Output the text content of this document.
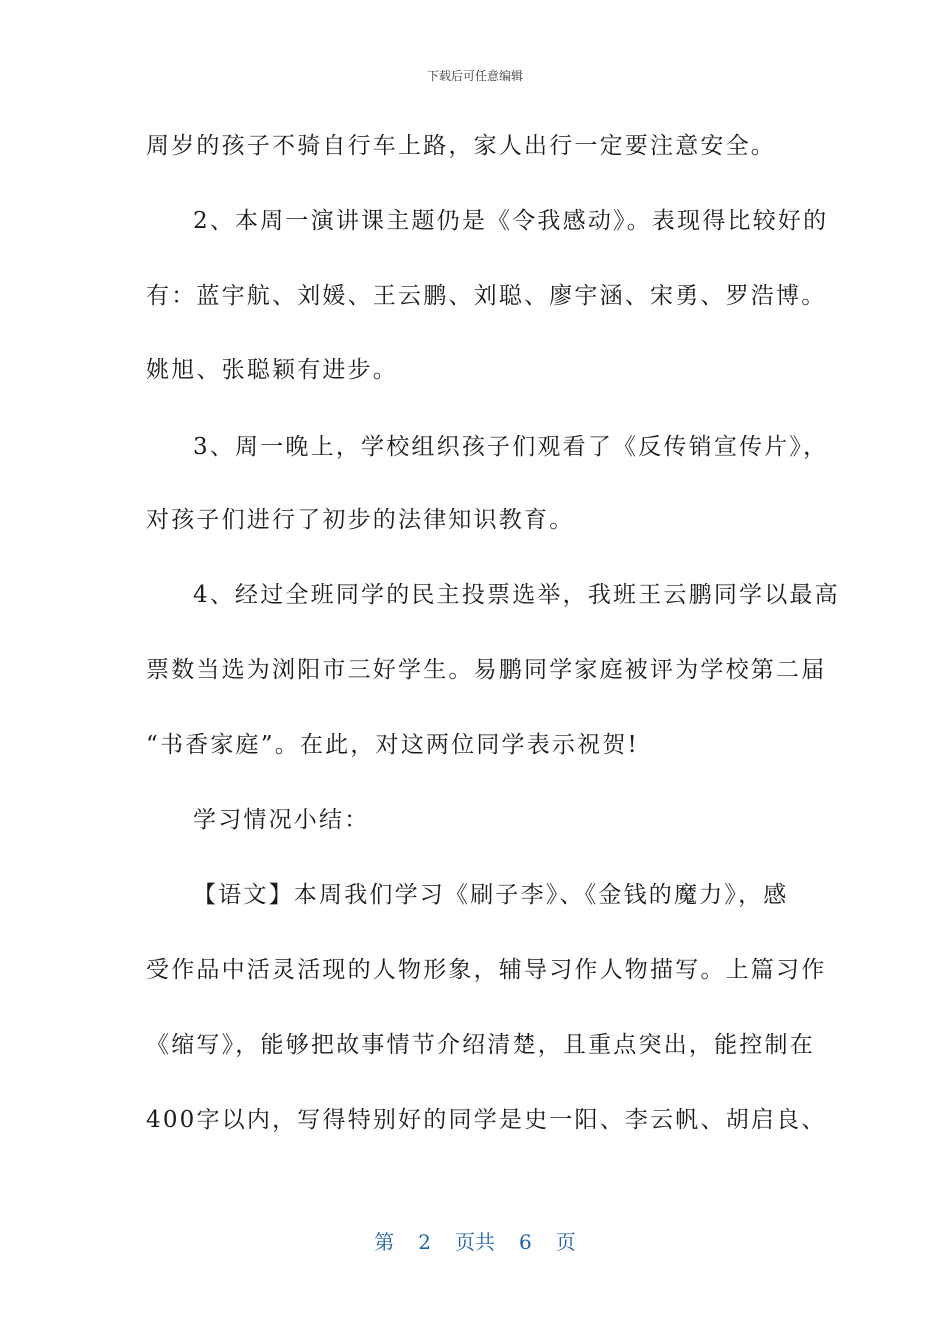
下载后可任意编辑
周岁的孩子不骑自行车上路，家人出行一定要注意安全。
2、本周一演讲课主题仍是《令我感动》。表现得比较好的
有：蓝宇航、刘媛、王云鹏、刘聪、廖宇涵、宋勇、罗浩博。
姚旭、张聪颖有进步。
3、周一晚上，学校组织孩子们观看了《反传销宣传片》，
对孩子们进行了初步的法律知识教育。
4、经过全班同学的民主投票选举，我班王云鹏同学以最高
票数当选为浏阳市三好学生。易鹏同学家庭被评为学校第二届
“书香家庭”。在此，对这两位同学表示祝贺!
学习情况小结：
【语文】本周我们学习《刷子李》、《金钱的魔力》，感
受作品中活灵活现的人物形象，辅导习作人物描写。上篇习作
《缩写》，能够把故事情节介绍清楚，且重点突出，能控制在
400字以内，写得特别好的同学是史一阳、李云帆、胡启良、
第 2 页共 6 页
